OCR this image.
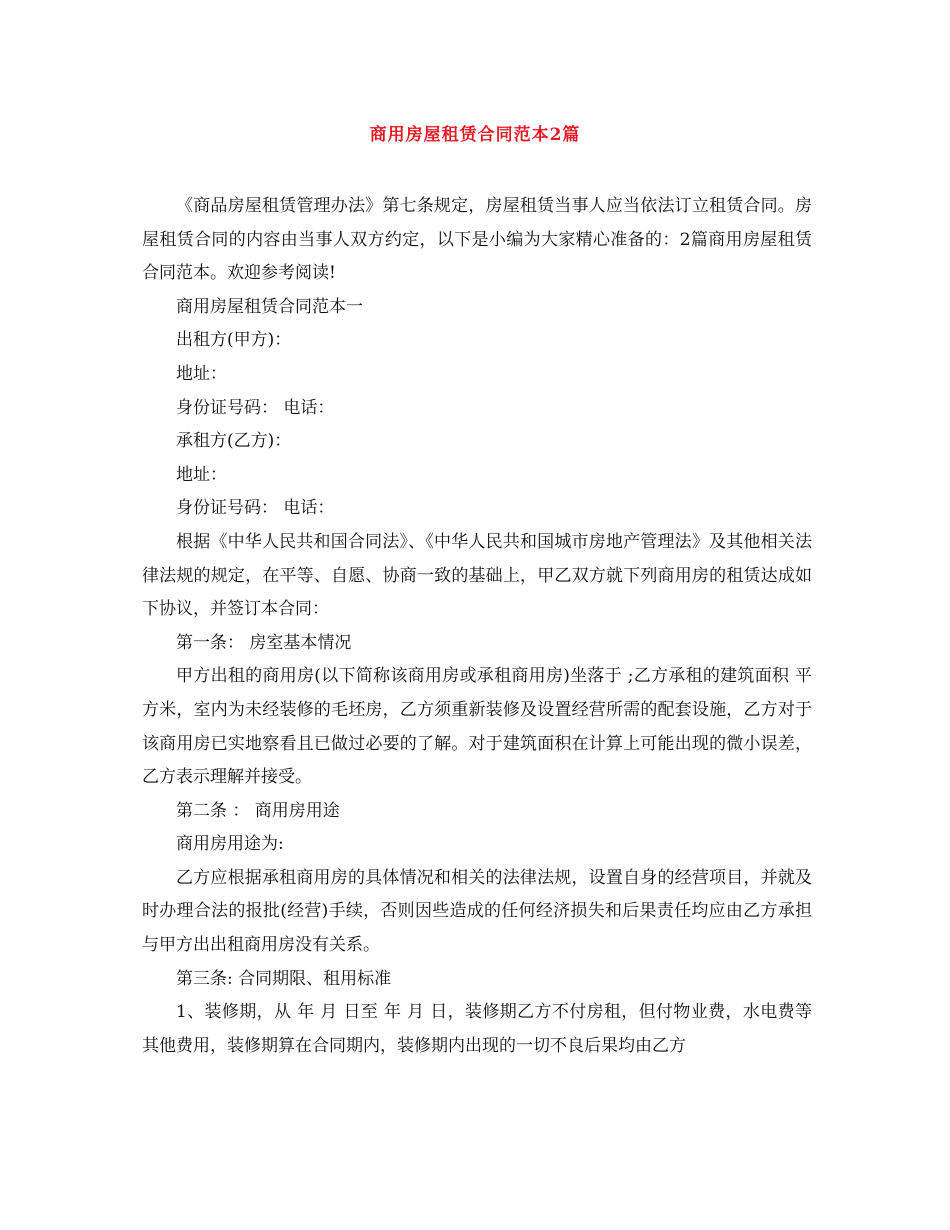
商用房屋租赁合同范本2篇

《商品房屋租赁管理办法》第七条规定，房屋租赁当事人应当依法订立租赁合同。房屋租赁合同的内容由当事人双方约定，以下是小编为大家精心准备的：2篇商用房屋租赁合同范本。欢迎参考阅读!

商用房屋租赁合同范本一

出租方(甲方)：

地址：

身份证号码： 电话：

承租方(乙方)：

地址：

身份证号码： 电话：

根据《中华人民共和国合同法》、《中华人民共和国城市房地产管理法》及其他相关法律法规的规定，在平等、自愿、协商一致的基础上，甲乙双方就下列商用房的租赁达成如下协议，并签订本合同：

第一条： 房室基本情况

甲方出租的商用房(以下简称该商用房或承租商用房)坐落于 ;乙方承租的建筑面积 平方米，室内为未经装修的毛坯房，乙方须重新装修及设置经营所需的配套设施，乙方对于该商用房已实地察看且已做过必要的了解。对于建筑面积在计算上可能出现的微小误差，乙方表示理解并接受。

第二条 ： 商用房用途

商用房用途为:

乙方应根据承租商用房的具体情况和相关的法律法规，设置自身的经营项目，并就及时办理合法的报批(经营)手续，否则因些造成的任何经济损失和后果责任均应由乙方承担与甲方出出租商用房没有关系。

第三条: 合同期限、租用标准

1、装修期，从 年 月 日至 年 月 日，装修期乙方不付房租，但付物业费，水电费等其他费用，装修期算在合同期内，装修期内出现的一切不良后果均由乙方
